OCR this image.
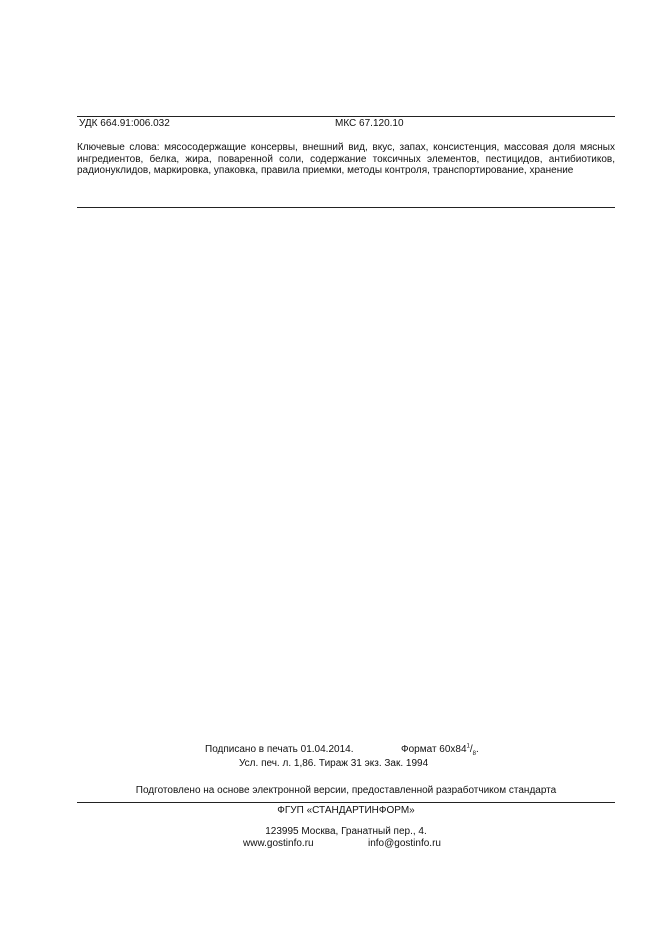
УДК 664.91:006.032	МКС 67.120.10
Ключевые слова: мясосодержащие консервы, внешний вид, вкус, запах, консистенция, массовая доля мясных ингредиентов, белка, жира, поваренной соли, содержание токсичных элементов, пестицидов, антибиотиков, радионуклидов, маркировка, упаковка, правила приемки, методы контроля, транспортирование, хранение
Подписано в печать 01.04.2014.	Формат $60х84^1/_8$.
Усл. печ. л. 1,86. Тираж 31 экз. Зак. 1994
Подготовлено на основе электронной версии, предоставленной разработчиком стандарта
ФГУП «СТАНДАРТИНФОРМ»
123995 Москва, Гранатный пер., 4.
www.gostinfo.ru	info@gostinfo.ru
